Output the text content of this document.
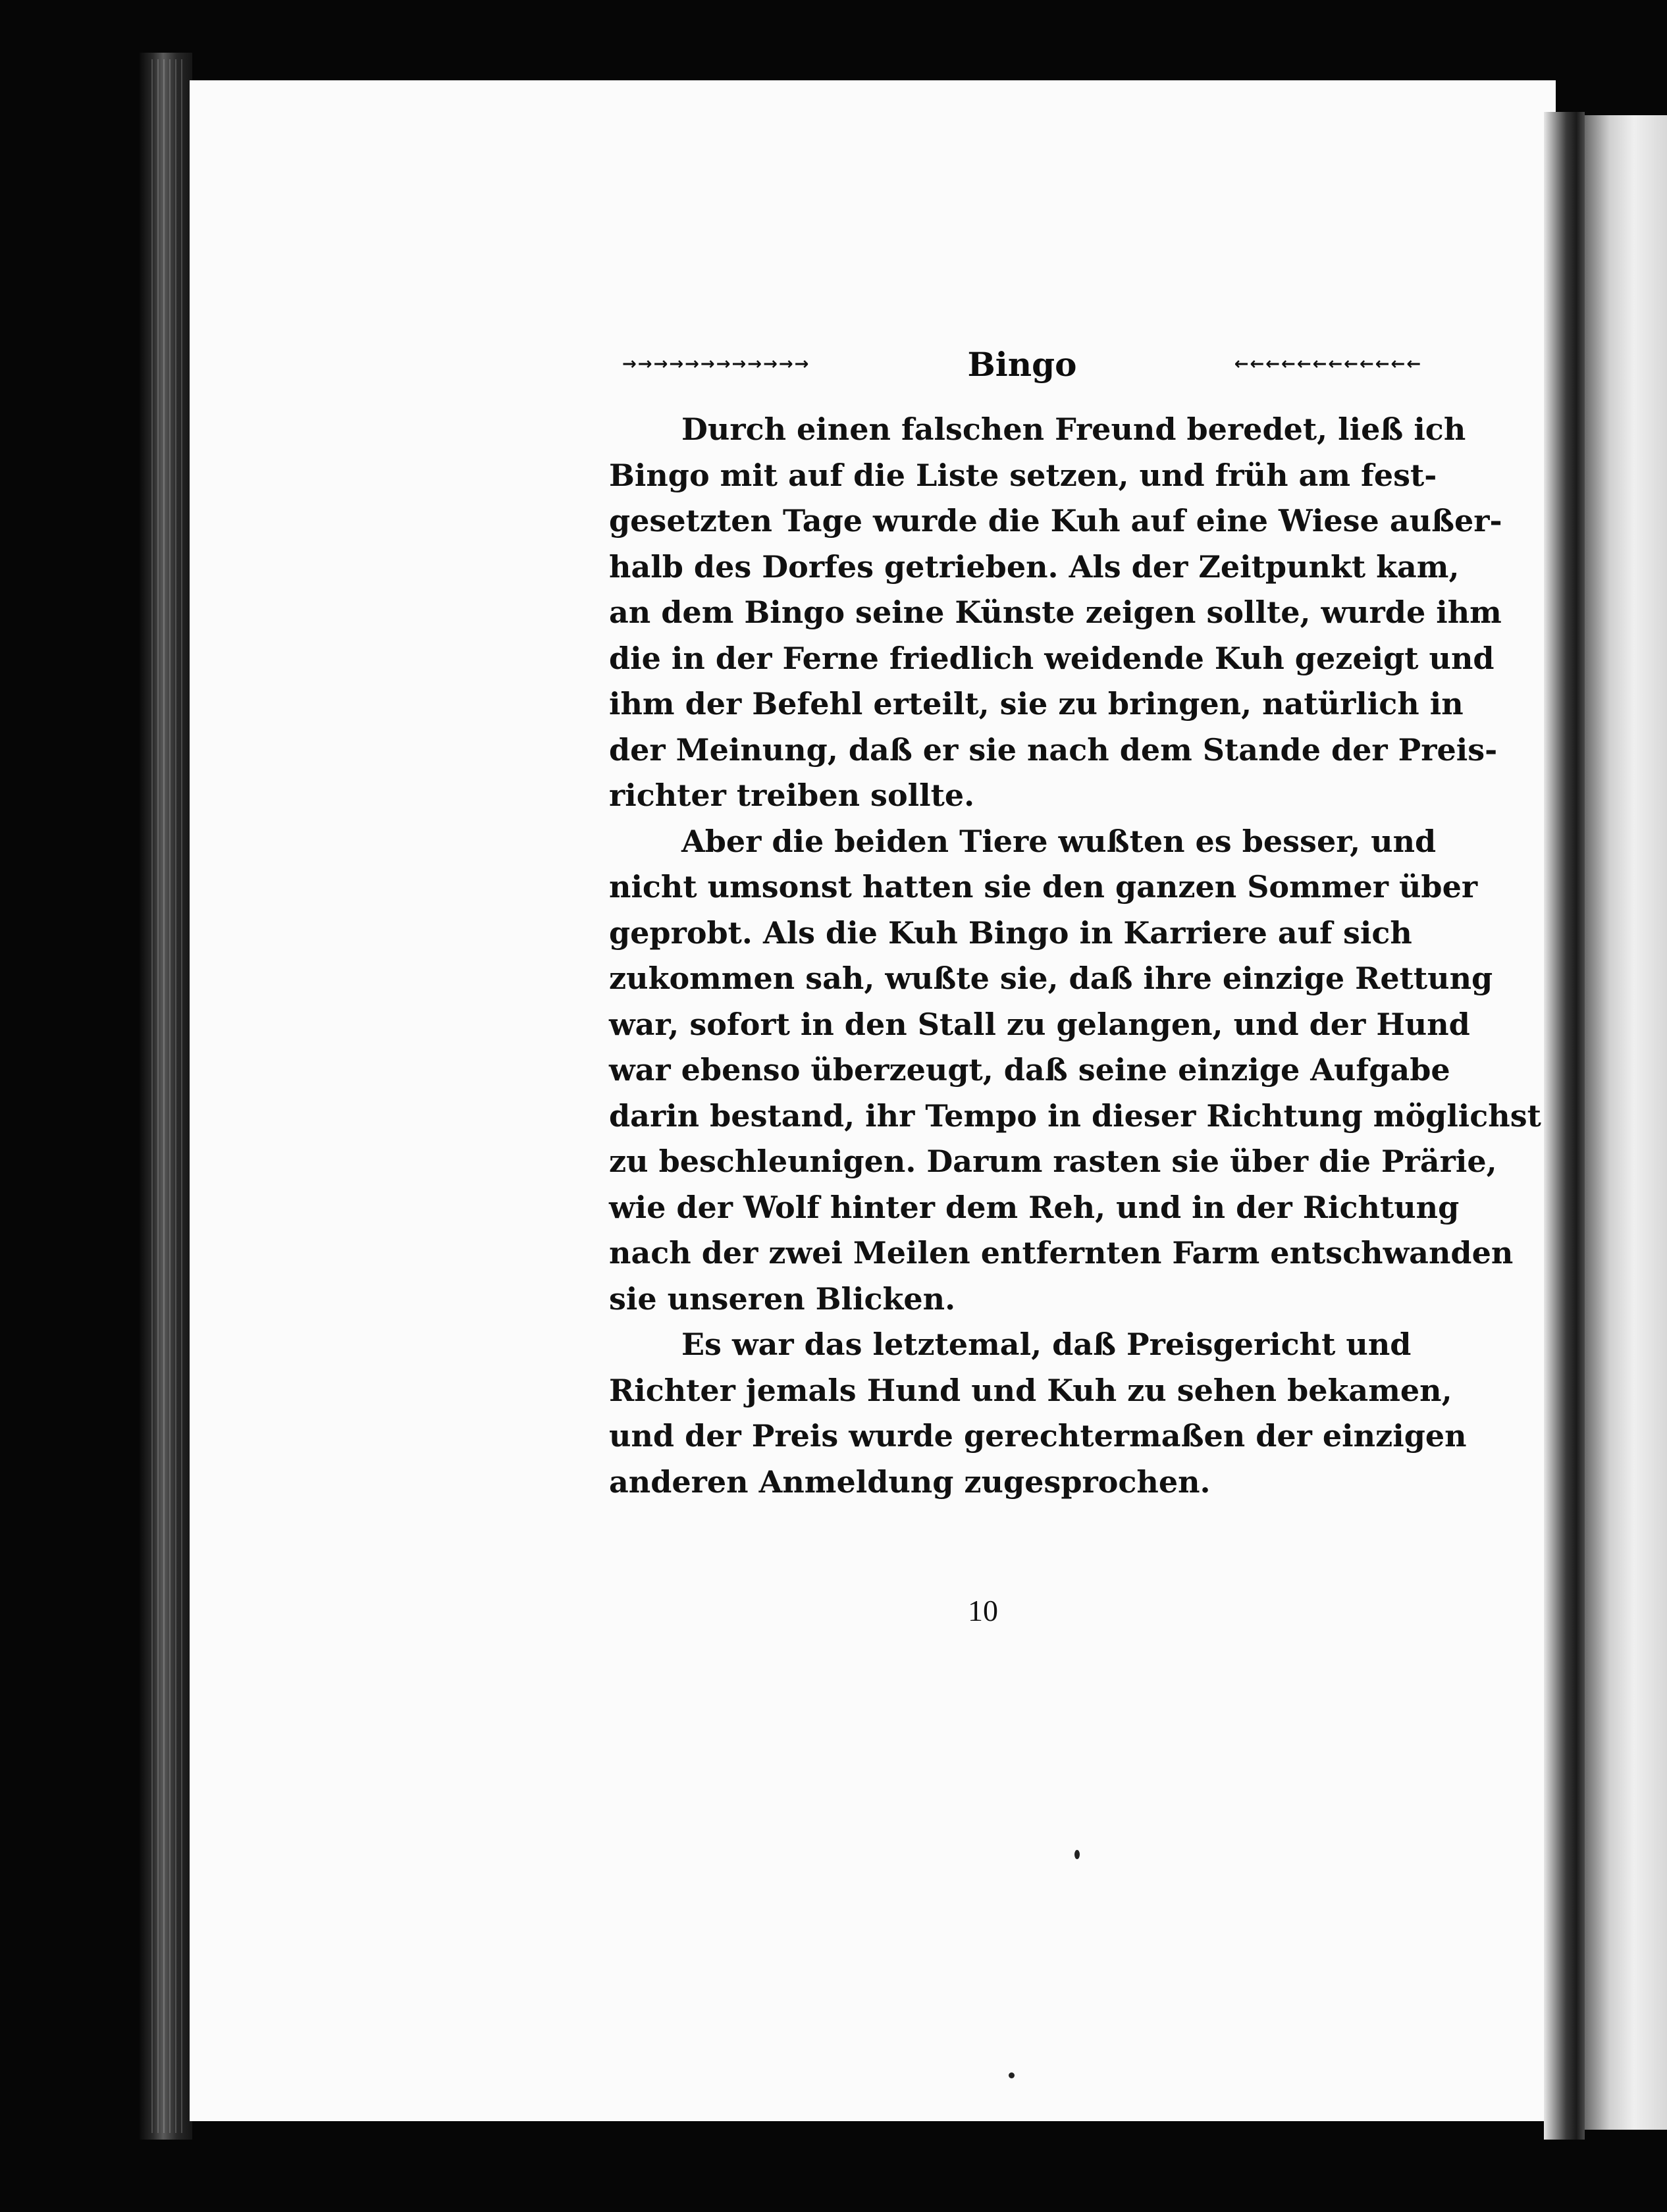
→→→→→→→→→→→→	Bingo	←←←←←←←←←←←←

Durch einen falschen Freund beredet, ließ ich
Bingo mit auf die Liste setzen, und früh am fest-
gesetzten Tage wurde die Kuh auf eine Wiese außer-
halb des Dorfes getrieben. Als der Zeitpunkt kam,
an dem Bingo seine Künste zeigen sollte, wurde ihm
die in der Ferne friedlich weidende Kuh gezeigt und
ihm der Befehl erteilt, sie zu bringen, natürlich in
der Meinung, daß er sie nach dem Stande der Preis-
richter treiben sollte.

Aber die beiden Tiere wußten es besser, und
nicht umsonst hatten sie den ganzen Sommer über
geprobt. Als die Kuh Bingo in Karriere auf sich
zukommen sah, wußte sie, daß ihre einzige Rettung
war, sofort in den Stall zu gelangen, und der Hund
war ebenso überzeugt, daß seine einzige Aufgabe
darin bestand, ihr Tempo in dieser Richtung möglichst
zu beschleunigen. Darum rasten sie über die Prärie,
wie der Wolf hinter dem Reh, und in der Richtung
nach der zwei Meilen entfernten Farm entschwanden
sie unseren Blicken.

Es war das letztemal, daß Preisgericht und
Richter jemals Hund und Kuh zu sehen bekamen,
und der Preis wurde gerechtermaßen der einzigen
anderen Anmeldung zugesprochen.

10
